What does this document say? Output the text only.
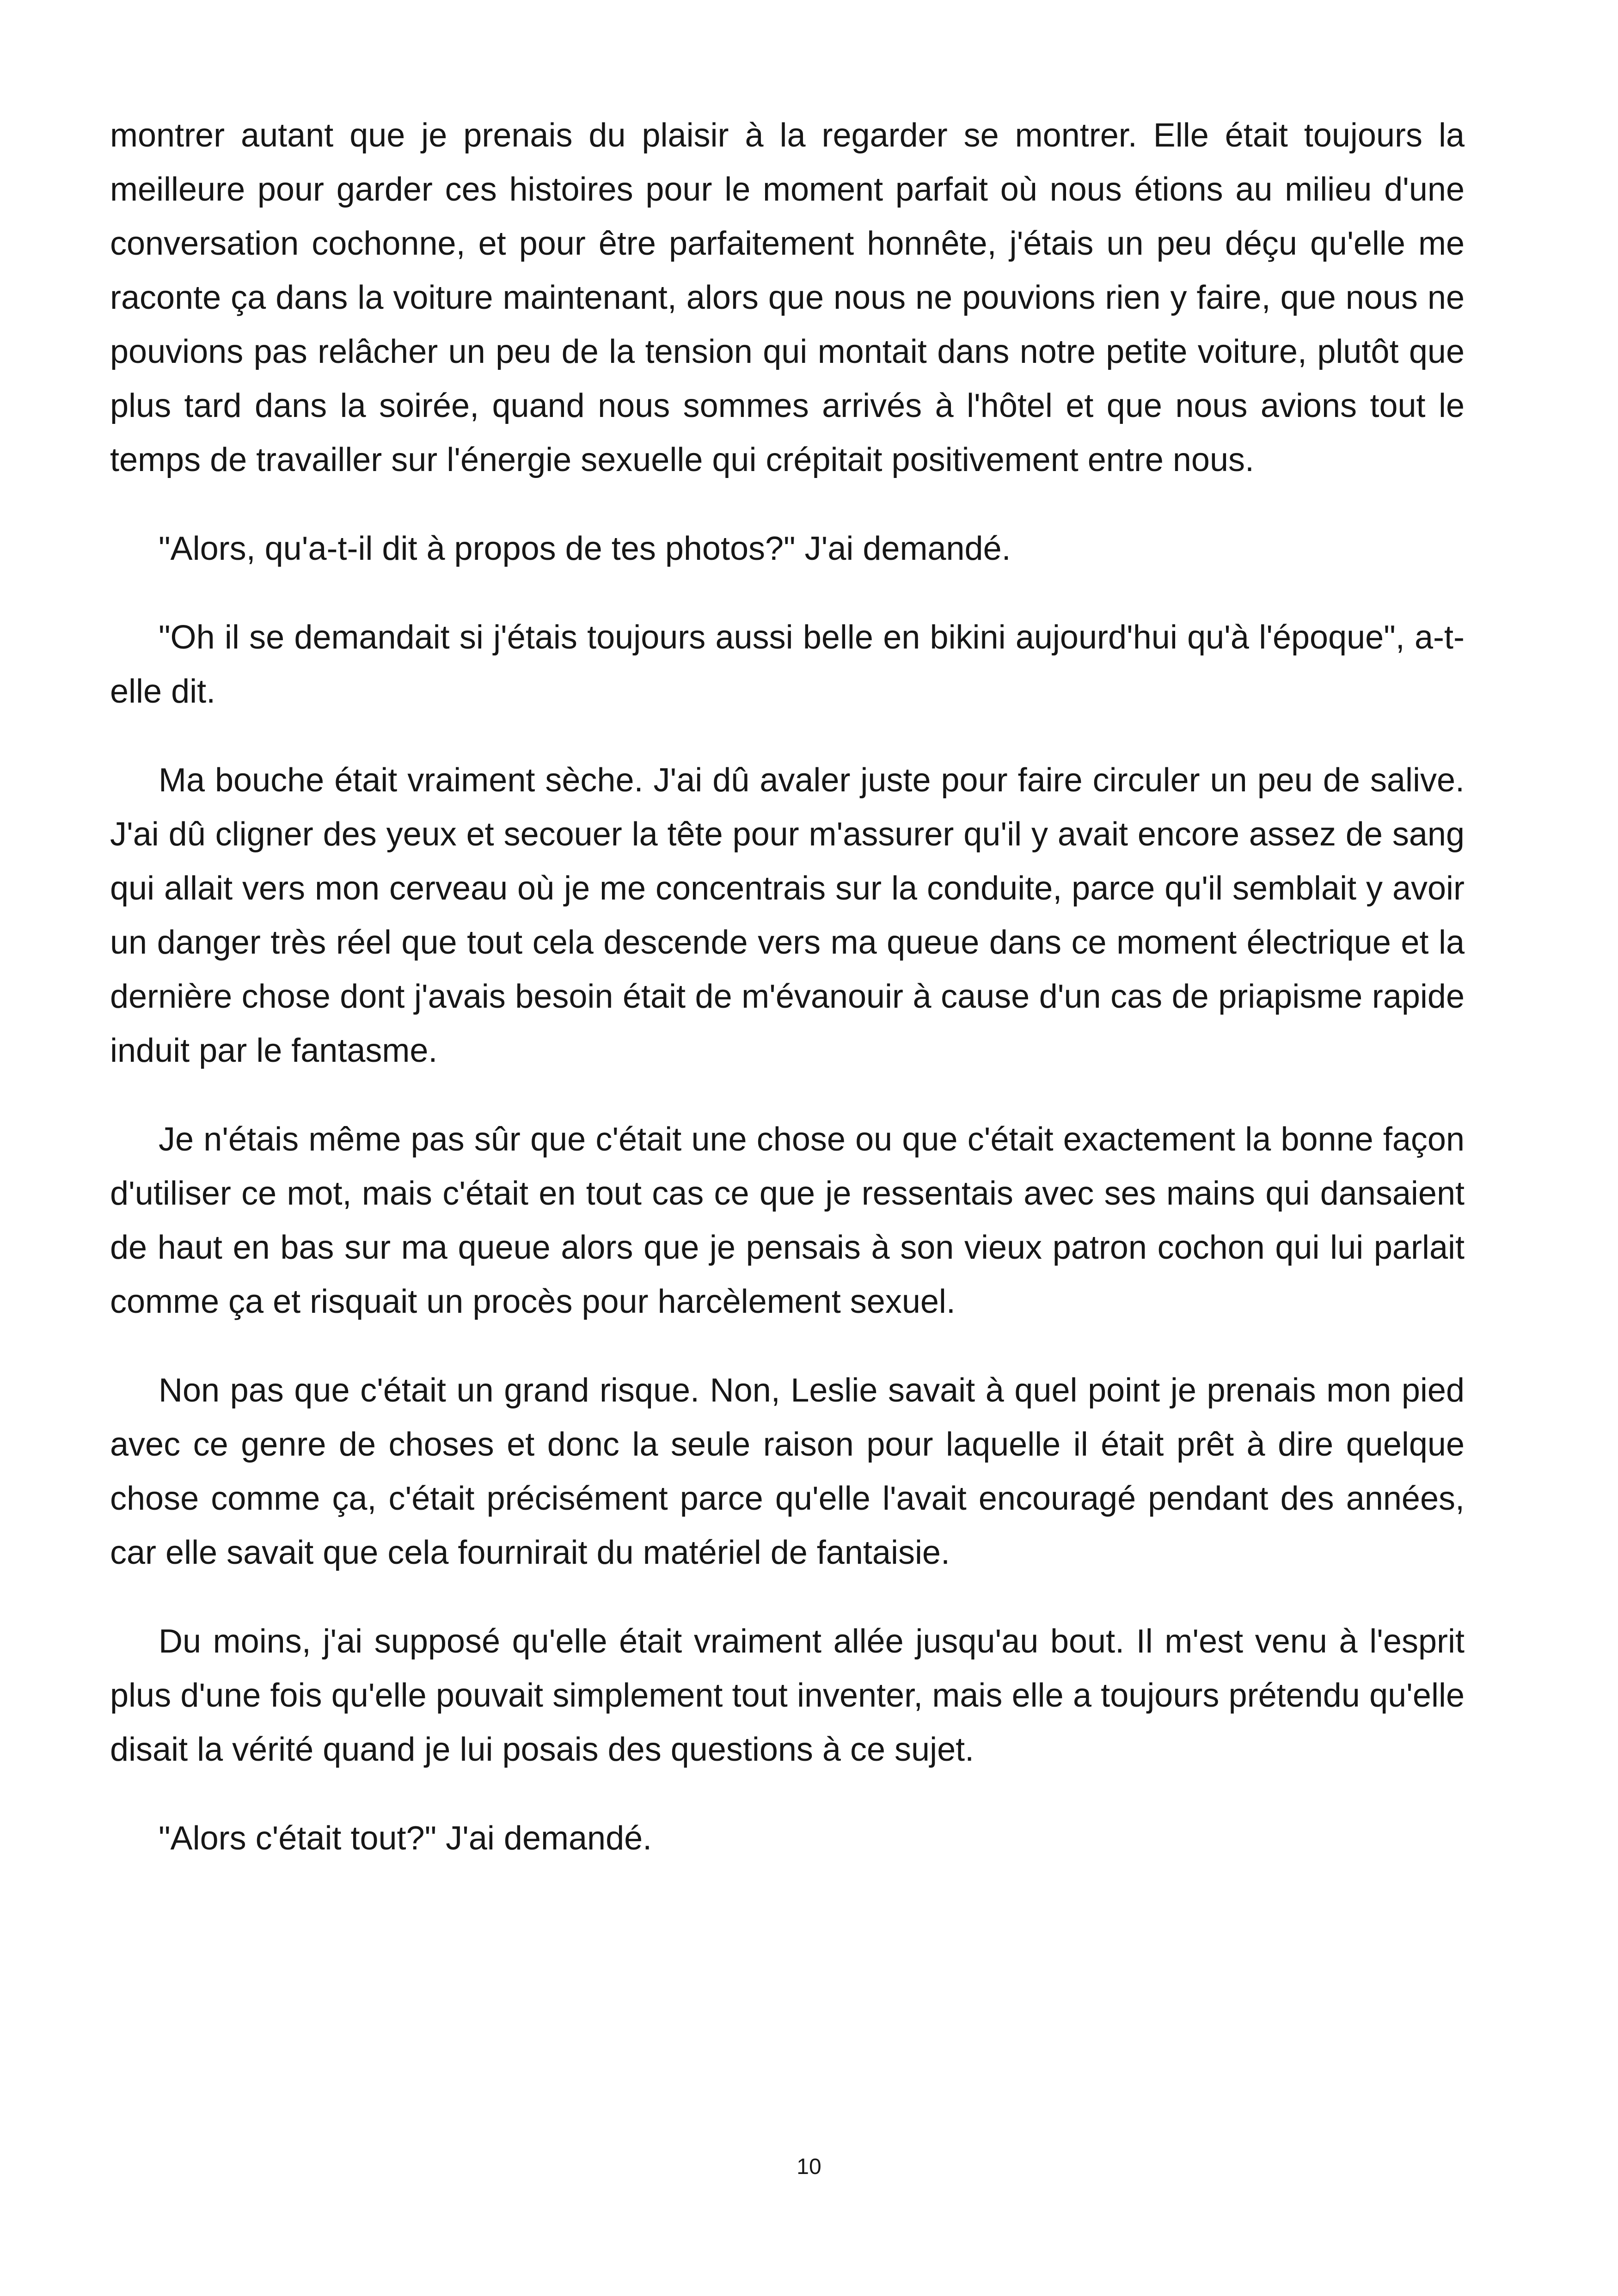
montrer autant que je prenais du plaisir à la regarder se montrer. Elle était toujours la meilleure pour garder ces histoires pour le moment parfait où nous étions au milieu d'une conversation cochonne, et pour être parfaitement honnête, j'étais un peu déçu qu'elle me raconte ça dans la voiture maintenant, alors que nous ne pouvions rien y faire, que nous ne pouvions pas relâcher un peu de la tension qui montait dans notre petite voiture, plutôt que plus tard dans la soirée, quand nous sommes arrivés à l'hôtel et que nous avions tout le temps de travailler sur l'énergie sexuelle qui crépitait positivement entre nous.

"Alors, qu'a-t-il dit à propos de tes photos?" J'ai demandé.

"Oh il se demandait si j'étais toujours aussi belle en bikini aujourd'hui qu'à l'époque", a-t-elle dit.

Ma bouche était vraiment sèche. J'ai dû avaler juste pour faire circuler un peu de salive. J'ai dû cligner des yeux et secouer la tête pour m'assurer qu'il y avait encore assez de sang qui allait vers mon cerveau où je me concentrais sur la conduite, parce qu'il semblait y avoir un danger très réel que tout cela descende vers ma queue dans ce moment électrique et la dernière chose dont j'avais besoin était de m'évanouir à cause d'un cas de priapisme rapide induit par le fantasme.

Je n'étais même pas sûr que c'était une chose ou que c'était exactement la bonne façon d'utiliser ce mot, mais c'était en tout cas ce que je ressentais avec ses mains qui dansaient de haut en bas sur ma queue alors que je pensais à son vieux patron cochon qui lui parlait comme ça et risquait un procès pour harcèlement sexuel.

Non pas que c'était un grand risque. Non, Leslie savait à quel point je prenais mon pied avec ce genre de choses et donc la seule raison pour laquelle il était prêt à dire quelque chose comme ça, c'était précisément parce qu'elle l'avait encouragé pendant des années, car elle savait que cela fournirait du matériel de fantaisie.

Du moins, j'ai supposé qu'elle était vraiment allée jusqu'au bout. Il m'est venu à l'esprit plus d'une fois qu'elle pouvait simplement tout inventer, mais elle a toujours prétendu qu'elle disait la vérité quand je lui posais des questions à ce sujet.

"Alors c'était tout?" J'ai demandé.

10
